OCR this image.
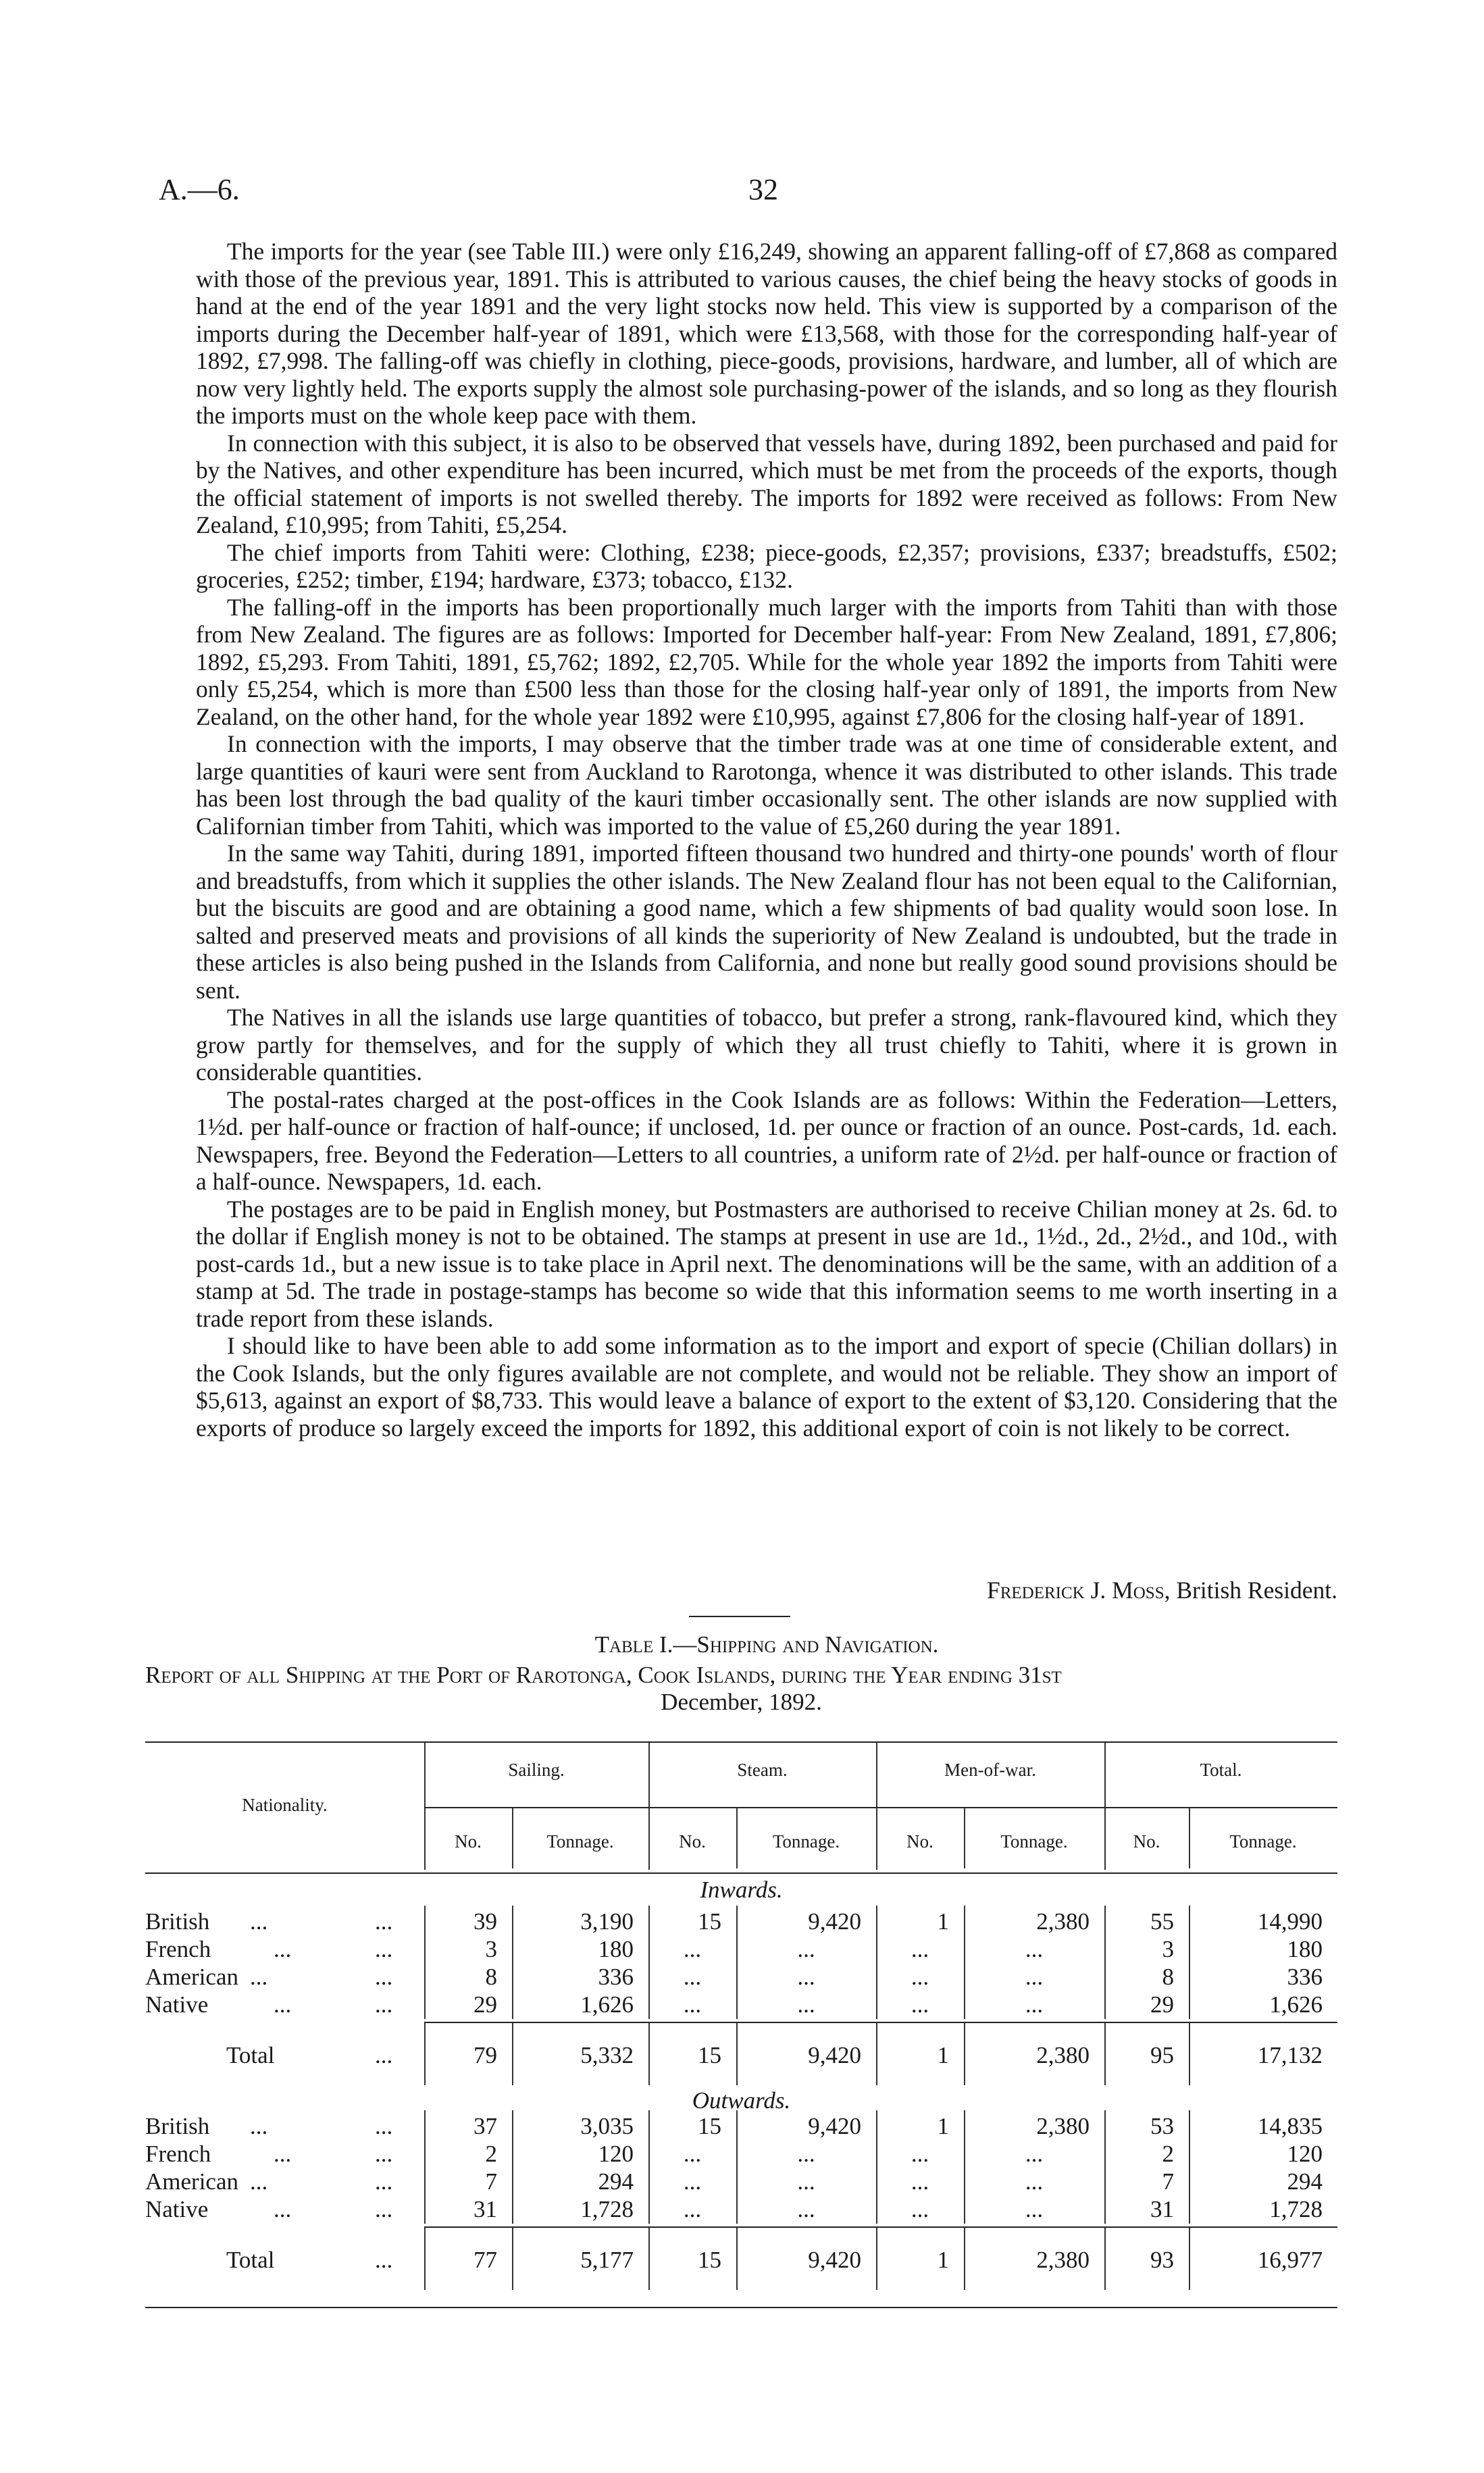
A.—6.	32

The imports for the year (see Table III.) were only £16,249, showing an apparent falling-off of £7,868 as compared with those of the previous year, 1891. This is attributed to various causes, the chief being the heavy stocks of goods in hand at the end of the year 1891 and the very light stocks now held. This view is supported by a comparison of the imports during the December half-year of 1891, which were £13,568, with those for the corresponding half-year of 1892, £7,998. The falling-off was chiefly in clothing, piece-goods, provisions, hardware, and lumber, all of which are now very lightly held. The exports supply the almost sole purchasing-power of the islands, and so long as they flourish the imports must on the whole keep pace with them.

In connection with this subject, it is also to be observed that vessels have, during 1892, been purchased and paid for by the Natives, and other expenditure has been incurred, which must be met from the proceeds of the exports, though the official statement of imports is not swelled thereby. The imports for 1892 were received as follows: From New Zealand, £10,995; from Tahiti, £5,254.

The chief imports from Tahiti were: Clothing, £238; piece-goods, £2,357; provisions, £337; breadstuffs, £502; groceries, £252; timber, £194; hardware, £373; tobacco, £132.

The falling-off in the imports has been proportionally much larger with the imports from Tahiti than with those from New Zealand. The figures are as follows: Imported for December half-year: From New Zealand, 1891, £7,806; 1892, £5,293. From Tahiti, 1891, £5,762; 1892, £2,705. While for the whole year 1892 the imports from Tahiti were only £5,254, which is more than £500 less than those for the closing half-year only of 1891, the imports from New Zealand, on the other hand, for the whole year 1892 were £10,995, against £7,806 for the closing half-year of 1891.

In connection with the imports, I may observe that the timber trade was at one time of considerable extent, and large quantities of kauri were sent from Auckland to Rarotonga, whence it was distributed to other islands. This trade has been lost through the bad quality of the kauri timber occasionally sent. The other islands are now supplied with Californian timber from Tahiti, which was imported to the value of £5,260 during the year 1891.

In the same way Tahiti, during 1891, imported fifteen thousand two hundred and thirty-one pounds' worth of flour and breadstuffs, from which it supplies the other islands. The New Zealand flour has not been equal to the Californian, but the biscuits are good and are obtaining a good name, which a few shipments of bad quality would soon lose. In salted and preserved meats and provisions of all kinds the superiority of New Zealand is undoubted, but the trade in these articles is also being pushed in the Islands from California, and none but really good sound provisions should be sent.

The Natives in all the islands use large quantities of tobacco, but prefer a strong, rank-flavoured kind, which they grow partly for themselves, and for the supply of which they all trust chiefly to Tahiti, where it is grown in considerable quantities.

The postal-rates charged at the post-offices in the Cook Islands are as follows: Within the Federation—Letters, 1½d. per half-ounce or fraction of half-ounce; if unclosed, 1d. per ounce or fraction of an ounce. Post-cards, 1d. each. Newspapers, free. Beyond the Federation—Letters to all countries, a uniform rate of 2½d. per half-ounce or fraction of a half-ounce. Newspapers, 1d. each.

The postages are to be paid in English money, but Postmasters are authorised to receive Chilian money at 2s. 6d. to the dollar if English money is not to be obtained. The stamps at present in use are 1d., 1½d., 2d., 2½d., and 10d., with post-cards 1d., but a new issue is to take place in April next. The denominations will be the same, with an addition of a stamp at 5d. The trade in postage-stamps has become so wide that this information seems to me worth inserting in a trade report from these islands.

I should like to have been able to add some information as to the import and export of specie (Chilian dollars) in the Cook Islands, but the only figures available are not complete, and would not be reliable. They show an import of $5,613, against an export of $8,733. This would leave a balance of export to the extent of $3,120. Considering that the exports of produce so largely exceed the imports for 1892, this additional export of coin is not likely to be correct.

Frederick J. Moss, British Resident.
Table I.—Shipping and Navigation.
Report of all Shipping at the Port of Rarotonga, Cook Islands, during the Year ending 31st
December, 1892.
Nationality.
Sailing.	Steam.	Men-of-war.	Total.
No.	Tonnage.	No.	Tonnage.	No.	Tonnage.	No.	Tonnage.
Inwards.
British ...	...	39	3,190	15	9,420	1	2,380	55	14,990
French	...	...	3	180	...	...	...	...	3	180
American ...	...	8	336	...	...	...	...	8	336
Native	...	...	29	1,626	...	...	...	...	29	1,626
Total	...	79	5,332	15	9,420	1	2,380	95	17,132
Outwards.
British ...	...	37	3,035	15	9,420	1	2,380	53	14,835
French	...	...	2	120	...	...	...	...	2	120
American ...	...	7	294	...	...	...	...	7	294
Native	...	...	31	1,728	...	...	...	...	31	1,728
Total	...	77	5,177	15	9,420	1	2,380	93	16,977
